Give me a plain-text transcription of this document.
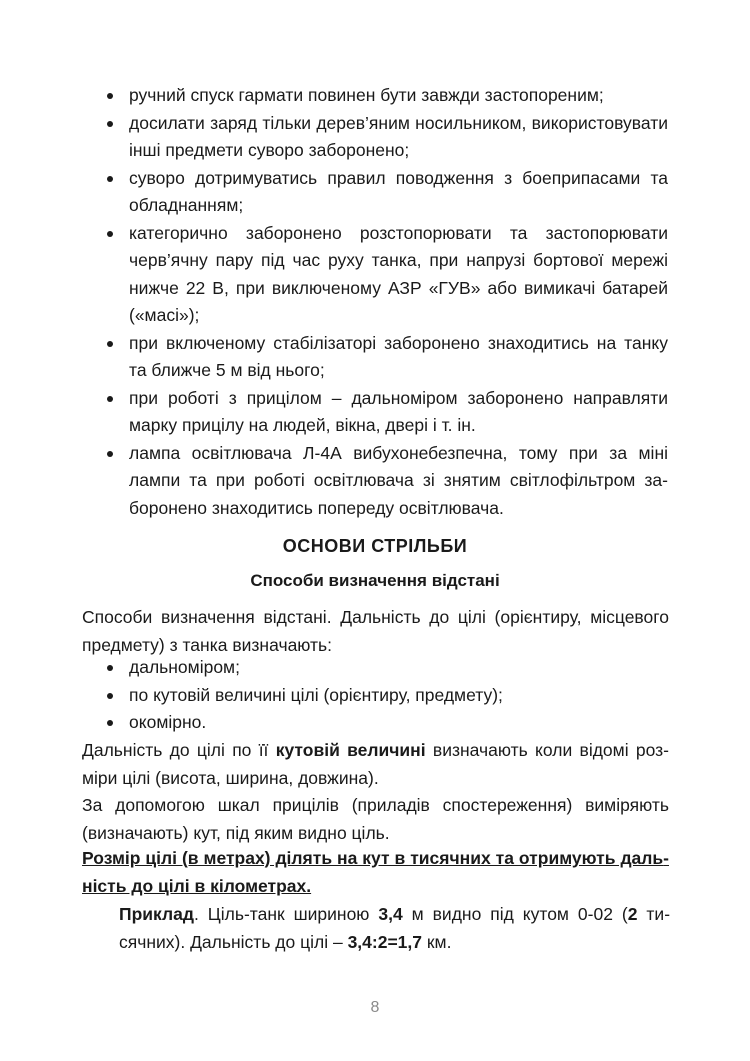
ручний спуск гармати повинен бути завжди застопореним;
досилати заряд тільки дерев’яним носильником, використовувати інші предмети суворо заборонено;
суворо дотримуватись правил поводження з боеприпасами та обладнанням;
категорично заборонено розстопорювати та застопорювати черв’ячну пару під час руху танка, при напрузі бортової мережі нижче 22 В, при виключеному АЗР «ГУВ» або вимикачі батарей («масі»);
при включеному стабілізаторі заборонено знаходитись на танку та ближче 5 м від нього;
при роботі з прицілом – дальноміром заборонено направляти марку прицілу на людей, вікна, двері і т. ін.
лампа освітлювача Л-4А вибухонебезпечна, тому при за міні лампи та при роботі освітлювача зі знятим світлофільтром заборонено знаходитись попереду освітлювача.
ОСНОВИ СТРІЛЬБИ
Способи визначення відстані

Способи визначення відстані. Дальність до цілі (орієнтиру, місцевого предмету) з танка визначають:

дальноміром;
по кутовій величині цілі (орієнтиру, предмету);
окомірно.

Дальність до цілі по її кутовій величині визначають коли відомі розміри цілі (висота, ширина, довжина).

За допомогою шкал прицілів (приладів спостереження) виміряють (визначають) кут, під яким видно ціль.

Розмір цілі (в метрах) ділять на кут в тисячних та отримують дальність до цілі в кілометрах.

Приклад. Ціль-танк шириною 3,4 м видно під кутом 0-02 (2 тисячних). Дальність до цілі – 3,4:2=1,7 км.

8
